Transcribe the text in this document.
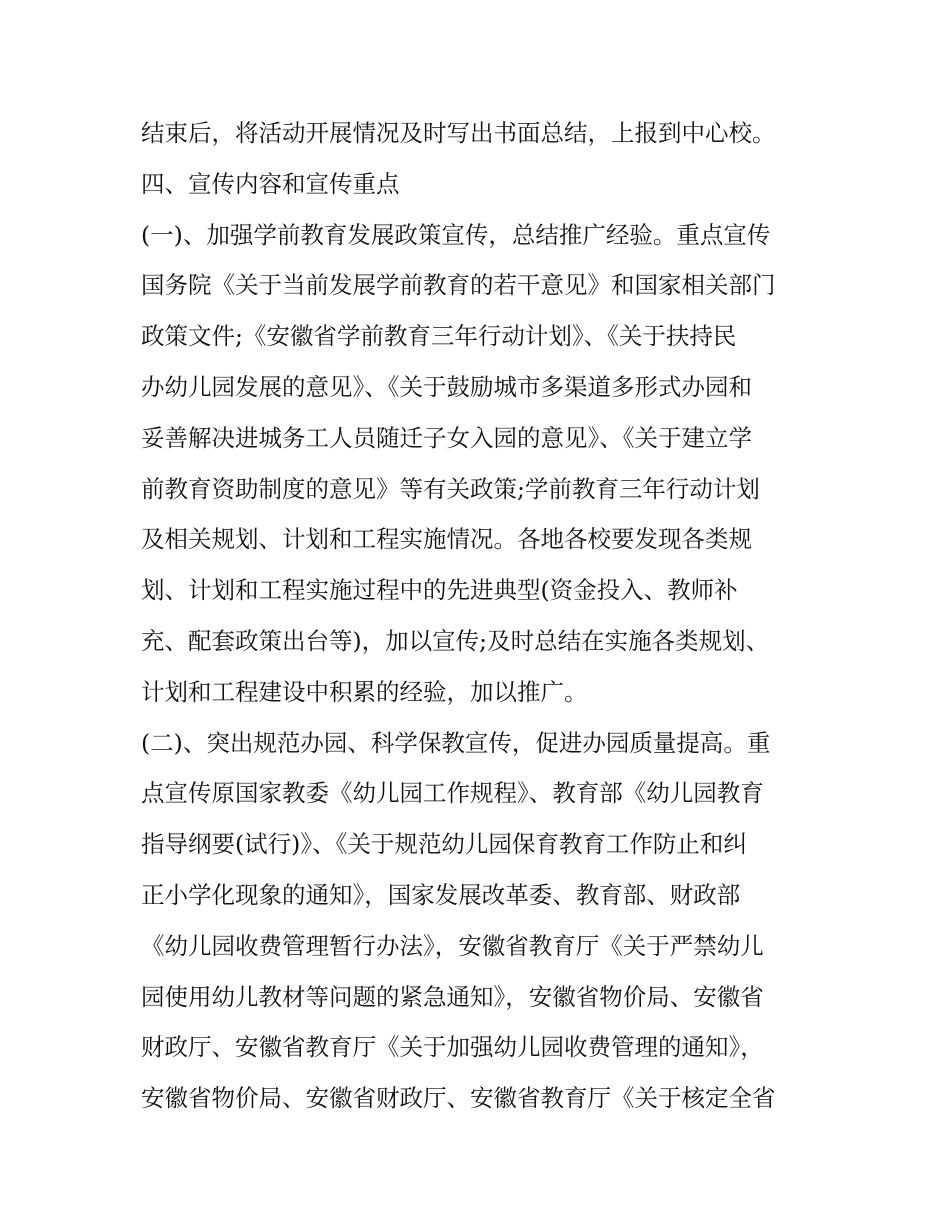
结束后，将活动开展情况及时写出书面总结，上报到中心校。
四、宣传内容和宣传重点
(一)、加强学前教育发展政策宣传，总结推广经验。重点宣传
国务院《关于当前发展学前教育的若干意见》和国家相关部门
政策文件;《安徽省学前教育三年行动计划》、《关于扶持民
办幼儿园发展的意见》、《关于鼓励城市多渠道多形式办园和
妥善解决进城务工人员随迁子女入园的意见》、《关于建立学
前教育资助制度的意见》等有关政策;学前教育三年行动计划
及相关规划、计划和工程实施情况。各地各校要发现各类规
划、计划和工程实施过程中的先进典型(资金投入、教师补
充、配套政策出台等)，加以宣传;及时总结在实施各类规划、
计划和工程建设中积累的经验，加以推广。
(二)、突出规范办园、科学保教宣传，促进办园质量提高。重
点宣传原国家教委《幼儿园工作规程》、教育部《幼儿园教育
指导纲要(试行)》、《关于规范幼儿园保育教育工作防止和纠
正小学化现象的通知》，国家发展改革委、教育部、财政部
《幼儿园收费管理暂行办法》，安徽省教育厅《关于严禁幼儿
园使用幼儿教材等问题的紧急通知》，安徽省物价局、安徽省
财政厅、安徽省教育厅《关于加强幼儿园收费管理的通知》，
安徽省物价局、安徽省财政厅、安徽省教育厅《关于核定全省
